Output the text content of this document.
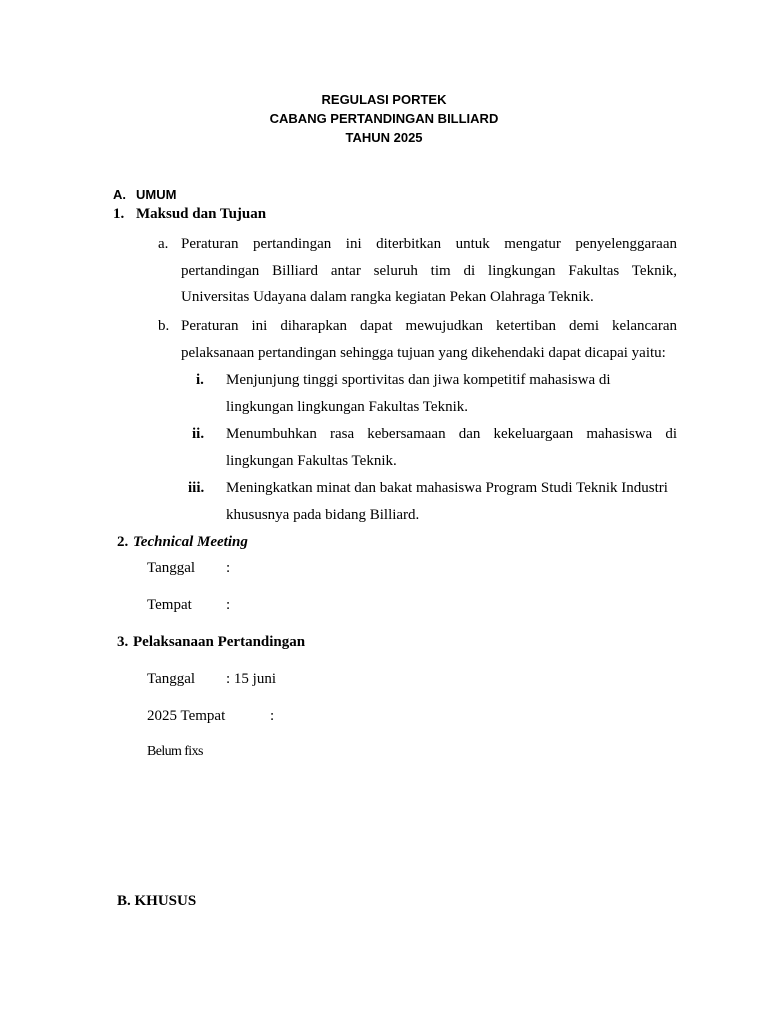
REGULASI PORTEK
CABANG PERTANDINGAN BILLIARD
TAHUN 2025
A. UMUM
1. Maksud dan Tujuan
a. Peraturan pertandingan ini diterbitkan untuk mengatur penyelenggaraan
pertandingan Billiard antar seluruh tim di lingkungan Fakultas Teknik,
Universitas Udayana dalam rangka kegiatan Pekan Olahraga Teknik.
b. Peraturan ini diharapkan dapat mewujudkan ketertiban demi kelancaran
pelaksanaan pertandingan sehingga tujuan yang dikehendaki dapat dicapai yaitu:
i. Menjunjung tinggi sportivitas dan jiwa kompetitif mahasiswa di
lingkungan lingkungan Fakultas Teknik.
ii. Menumbuhkan rasa kebersamaan dan kekeluargaan mahasiswa di
lingkungan Fakultas Teknik.
iii. Meningkatkan minat dan bakat mahasiswa Program Studi Teknik Industri
khususnya pada bidang Billiard.
2. Technical Meeting
Tanggal :
Tempat :
3. Pelaksanaan Pertandingan
Tanggal : 15 juni
2025 Tempat	:
Belum fixs
B. KHUSUS
